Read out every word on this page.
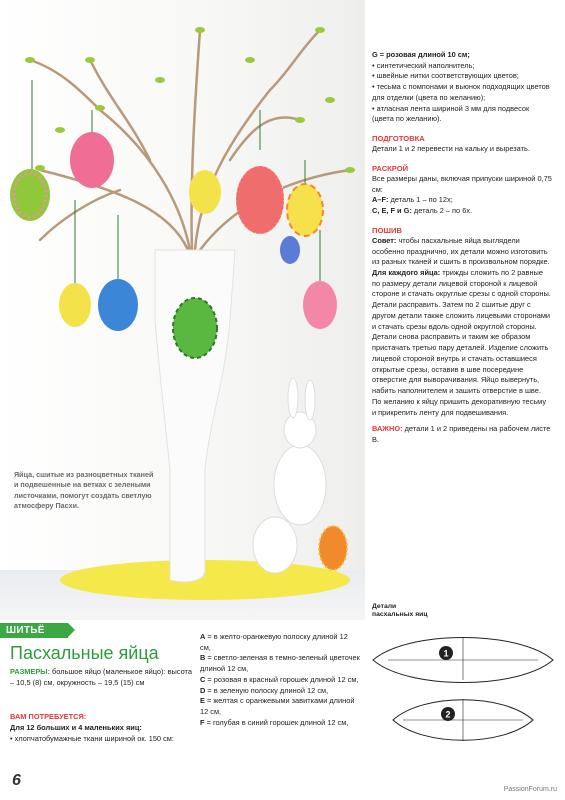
Яйца, сшитые из разноцветных тканей и подвешенные на ветках с зелеными листочками, помогут создать светлую атмосферу Пасхи.
ШИТЬЁ
Пасхальные яйца
РАЗМЕРЫ: большое яйцо (маленькое яйцо): высота – 10,5 (8) см, окружность – 19,5 (15) см
ВАМ ПОТРЕБУЕТСЯ:
Для 12 больших и 4 маленьких яиц:
• хлопчатобумажные ткани шириной ок. 150 см:
6
A = в желто-оранжевую полоску длиной 12 см,
B = светло-зеленая в темно-зеленый цветочек длиной 12 см,
C = розовая в красный горошек длиной 12 см,
D = в зеленую полоску длиной 12 см,
E = желтая с оранжевыми завитками длиной 12 см,
F = голубая в синий горошек длиной 12 см,

G = розовая длиной 10 см;

• синтетический наполнитель;

• швейные нитки соответствующих цветов;

• тесьма с помпонами и вьюнок подходящих цветов для отделки (цвета по желанию);

• атласная лента шириной 3 мм для подвесок (цвета по желанию).

ПОДГОТОВКА

Детали 1 и 2 перевести на кальку и вырезать.

РАСКРОЙ

Все размеры даны, включая припуски шириной 0,75 см:

A–F: деталь 1 – по 12х;

C, E, F и G: деталь 2 – по 6х.

ПОШИВ

Совет: чтобы пасхальные яйца выглядели особенно празднично, их детали можно изготовить из разных тканей и сшить в произвольном порядке.

Для каждого яйца: трижды сложить по 2 равные по размеру детали лицевой стороной к лицевой стороне и стачать округлые срезы с одной стороны. Детали расправить. Затем по 2 сшитые друг с другом детали также сложить лицевыми сторонами и стачать срезы вдоль одной округлой стороны. Детали снова расправить и таким же образом пристачать третью пару деталей. Изделие сложить лицевой стороной внутрь и стачать оставшиеся открытые срезы, оставив в шве посередине отверстие для выворачивания. Яйцо вывернуть, набить наполнителем и зашить отверстие в шве. По желанию к яйцу пришить декоративную тесьму и прикрепить ленту для подвешивания.

ВАЖНО: детали 1 и 2 приведены на рабочем листе В.

Детали пасхальных яиц
1
2
PassionForum.ru
